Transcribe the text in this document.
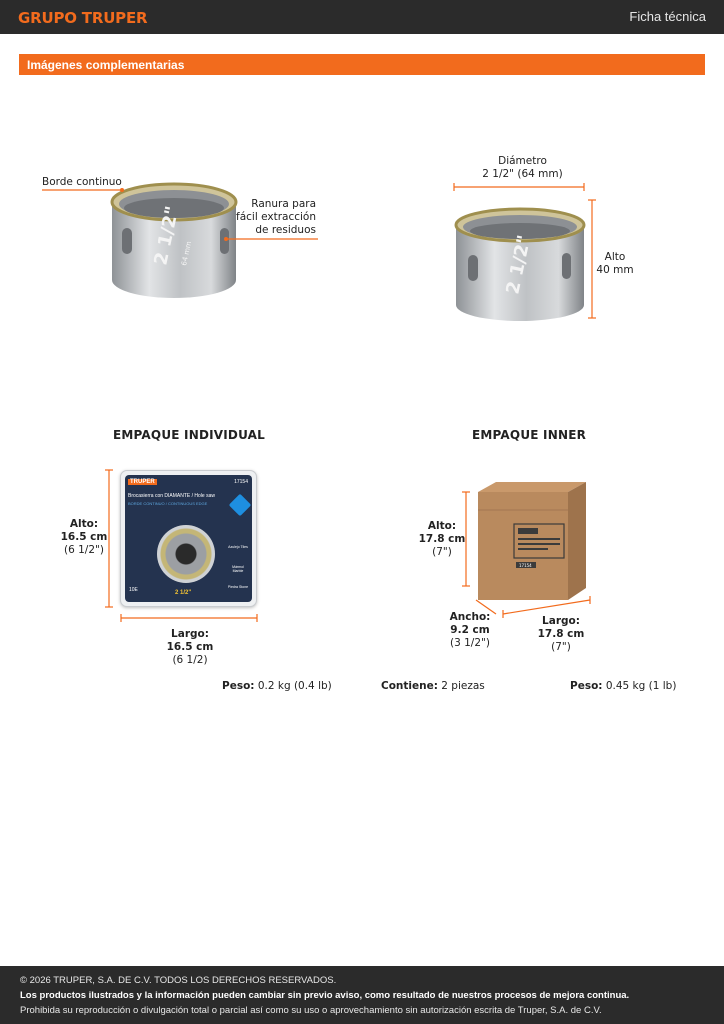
GRUPO TRUPER	Ficha técnica
Imágenes complementarias
2 1/2"
64 mm
Borde continuo
Ranura para
fácil extracción
de residuos
2 1/2"
Diámetro
2 1/2" (64 mm)
Alto
40 mm
EMPAQUE INDIVIDUAL
TRUPER	17154
Brocasierra con DIAMANTE / Hole saw
BORDE CONTINUO / CONTINUOUS EDGE
Azulejo Tiles
Mármol Marble
Piedra Stone
10E	2 1/2"
Alto:
16.5 cm
(6 1/2")
Largo:
16.5 cm
(6 1/2)
Peso: 0.2 kg (0.4 lb)
EMPAQUE INNER
17154
Alto:
17.8 cm
(7")
Ancho:
9.2 cm
(3 1/2")
Largo:
17.8 cm
(7")
Contiene: 2 piezas	Peso: 0.45 kg (1 lb)
© 2026 TRUPER, S.A. DE C.V. TODOS LOS DERECHOS RESERVADOS.
Los productos ilustrados y la información pueden cambiar sin previo aviso, como resultado de nuestros procesos de mejora continua.
Prohibida su reproducción o divulgación total o parcial así como su uso o aprovechamiento sin autorización escrita de Truper, S.A. de C.V.
